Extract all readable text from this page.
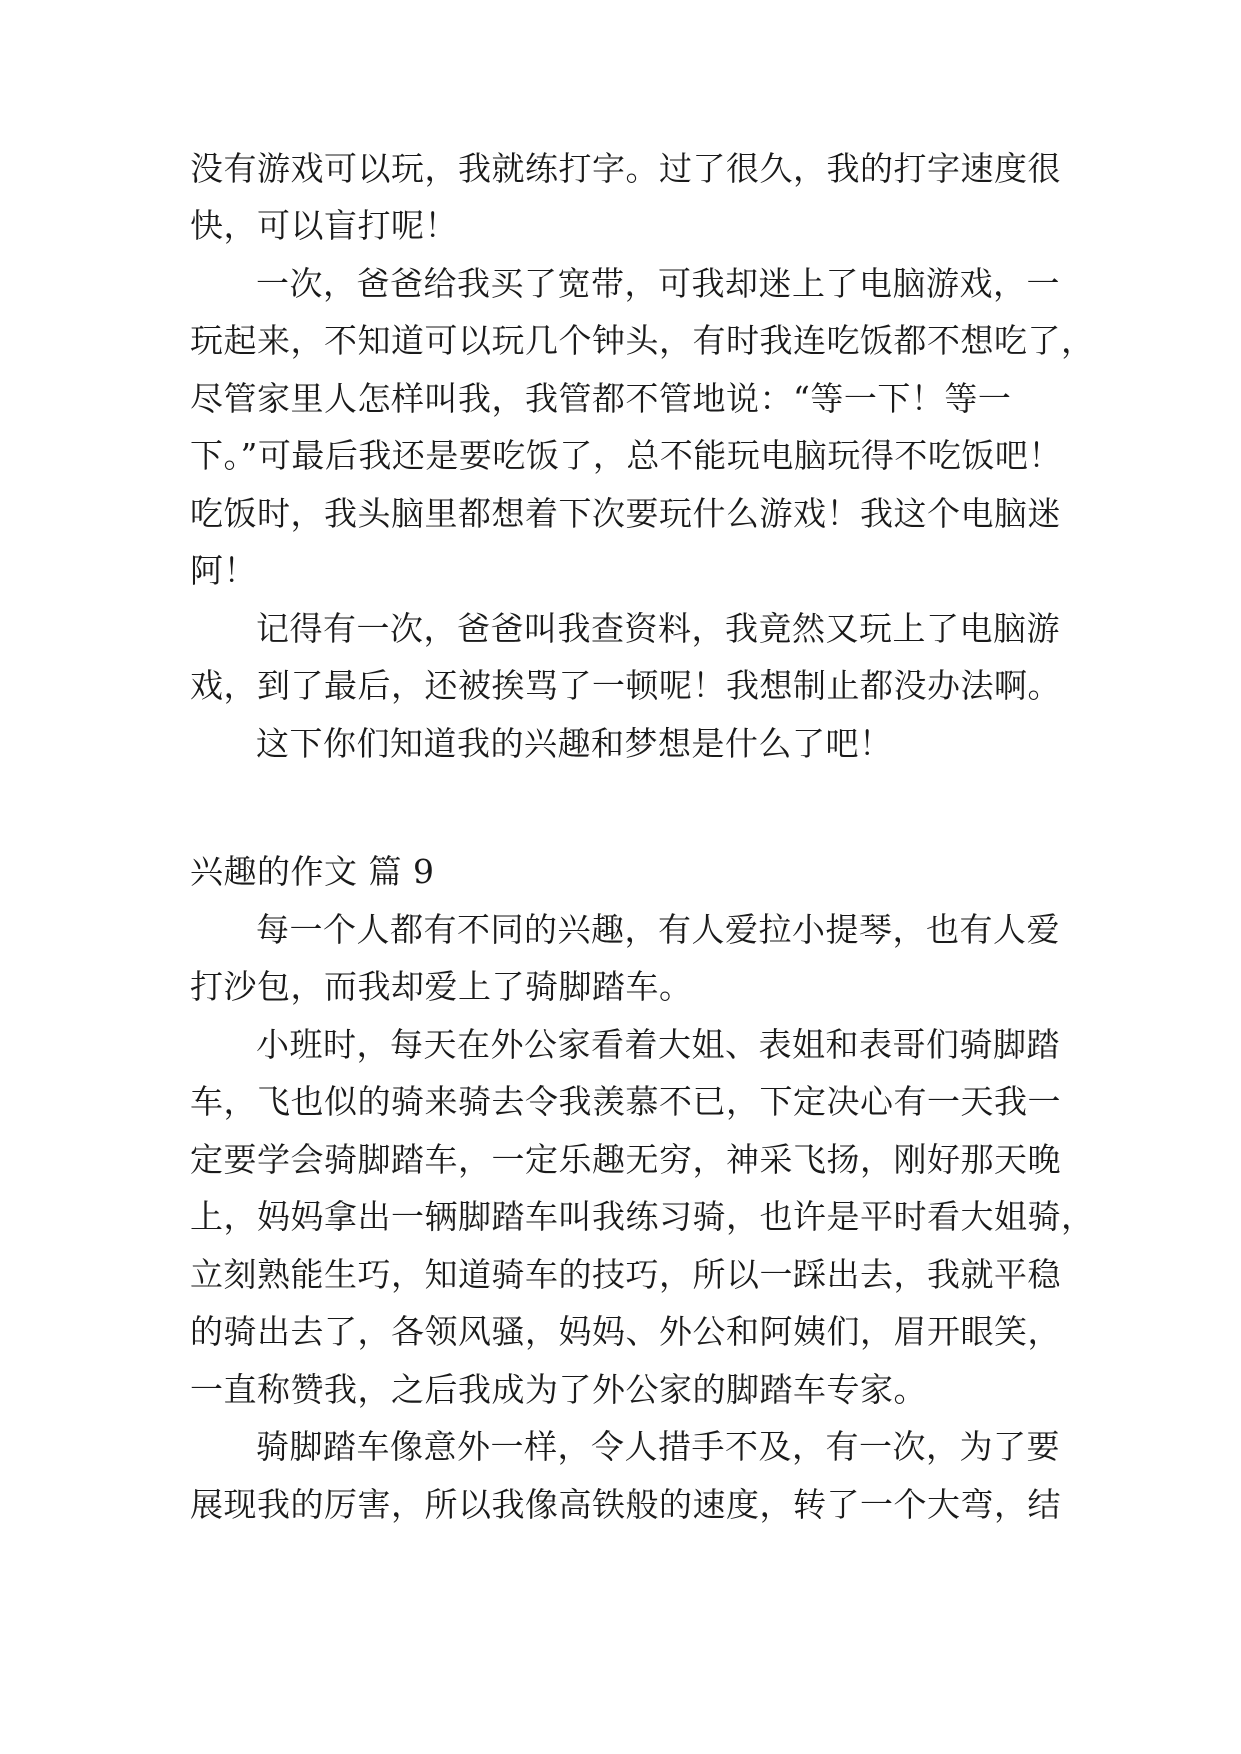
没有游戏可以玩，我就练打字。过了很久，我的打字速度很
快，可以盲打呢！
一次，爸爸给我买了宽带，可我却迷上了电脑游戏，一
玩起来，不知道可以玩几个钟头，有时我连吃饭都不想吃了，
尽管家里人怎样叫我，我管都不管地说：“等一下！等一
下。”可最后我还是要吃饭了，总不能玩电脑玩得不吃饭吧！
吃饭时，我头脑里都想着下次要玩什么游戏！我这个电脑迷
阿！
记得有一次，爸爸叫我查资料，我竟然又玩上了电脑游
戏，到了最后，还被挨骂了一顿呢！我想制止都没办法啊。
这下你们知道我的兴趣和梦想是什么了吧！
兴趣的作文 篇 9
每一个人都有不同的兴趣，有人爱拉小提琴，也有人爱
打沙包，而我却爱上了骑脚踏车。
小班时，每天在外公家看着大姐、表姐和表哥们骑脚踏
车，飞也似的骑来骑去令我羡慕不已，下定决心有一天我一
定要学会骑脚踏车，一定乐趣无穷，神采飞扬，刚好那天晚
上，妈妈拿出一辆脚踏车叫我练习骑，也许是平时看大姐骑，
立刻熟能生巧，知道骑车的技巧，所以一踩出去，我就平稳
的骑出去了，各领风骚，妈妈、外公和阿姨们，眉开眼笑，
一直称赞我，之后我成为了外公家的脚踏车专家。
骑脚踏车像意外一样，令人措手不及，有一次，为了要
展现我的厉害，所以我像高铁般的速度，转了一个大弯，结
